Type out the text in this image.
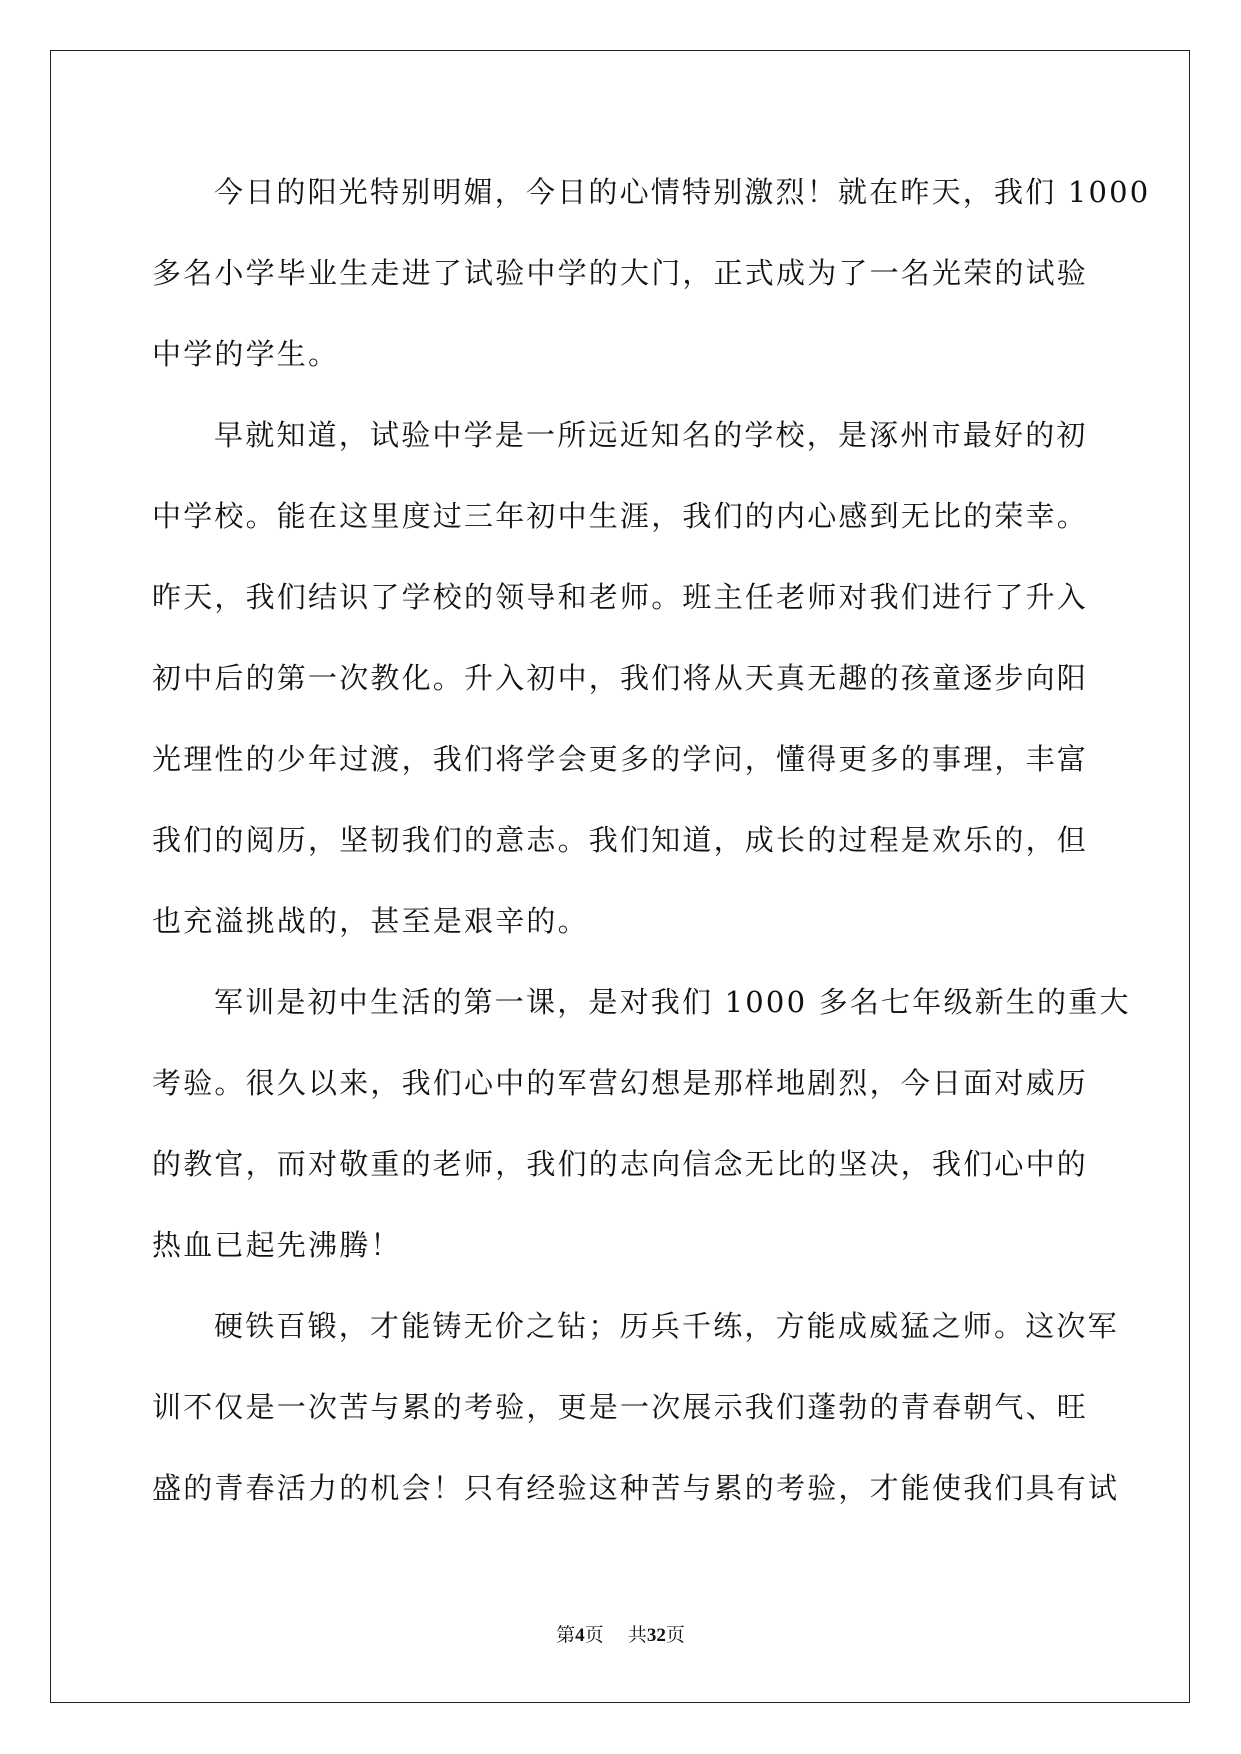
今日的阳光特别明媚，今日的心情特别激烈！就在昨天，我们 1000
多名小学毕业生走进了试验中学的大门，正式成为了一名光荣的试验
中学的学生。
早就知道，试验中学是一所远近知名的学校，是涿州市最好的初
中学校。能在这里度过三年初中生涯，我们的内心感到无比的荣幸。
昨天，我们结识了学校的领导和老师。班主任老师对我们进行了升入
初中后的第一次教化。升入初中，我们将从天真无趣的孩童逐步向阳
光理性的少年过渡，我们将学会更多的学问，懂得更多的事理，丰富
我们的阅历，坚韧我们的意志。我们知道，成长的过程是欢乐的，但
也充溢挑战的，甚至是艰辛的。
军训是初中生活的第一课，是对我们 1000 多名七年级新生的重大
考验。很久以来，我们心中的军营幻想是那样地剧烈，今日面对威历
的教官，而对敬重的老师，我们的志向信念无比的坚决，我们心中的
热血已起先沸腾！
硬铁百锻，才能铸无价之钻；历兵千练，方能成威猛之师。这次军
训不仅是一次苦与累的考验，更是一次展示我们蓬勃的青春朝气、旺
盛的青春活力的机会！只有经验这种苦与累的考验，才能使我们具有试
第4页 共32页
